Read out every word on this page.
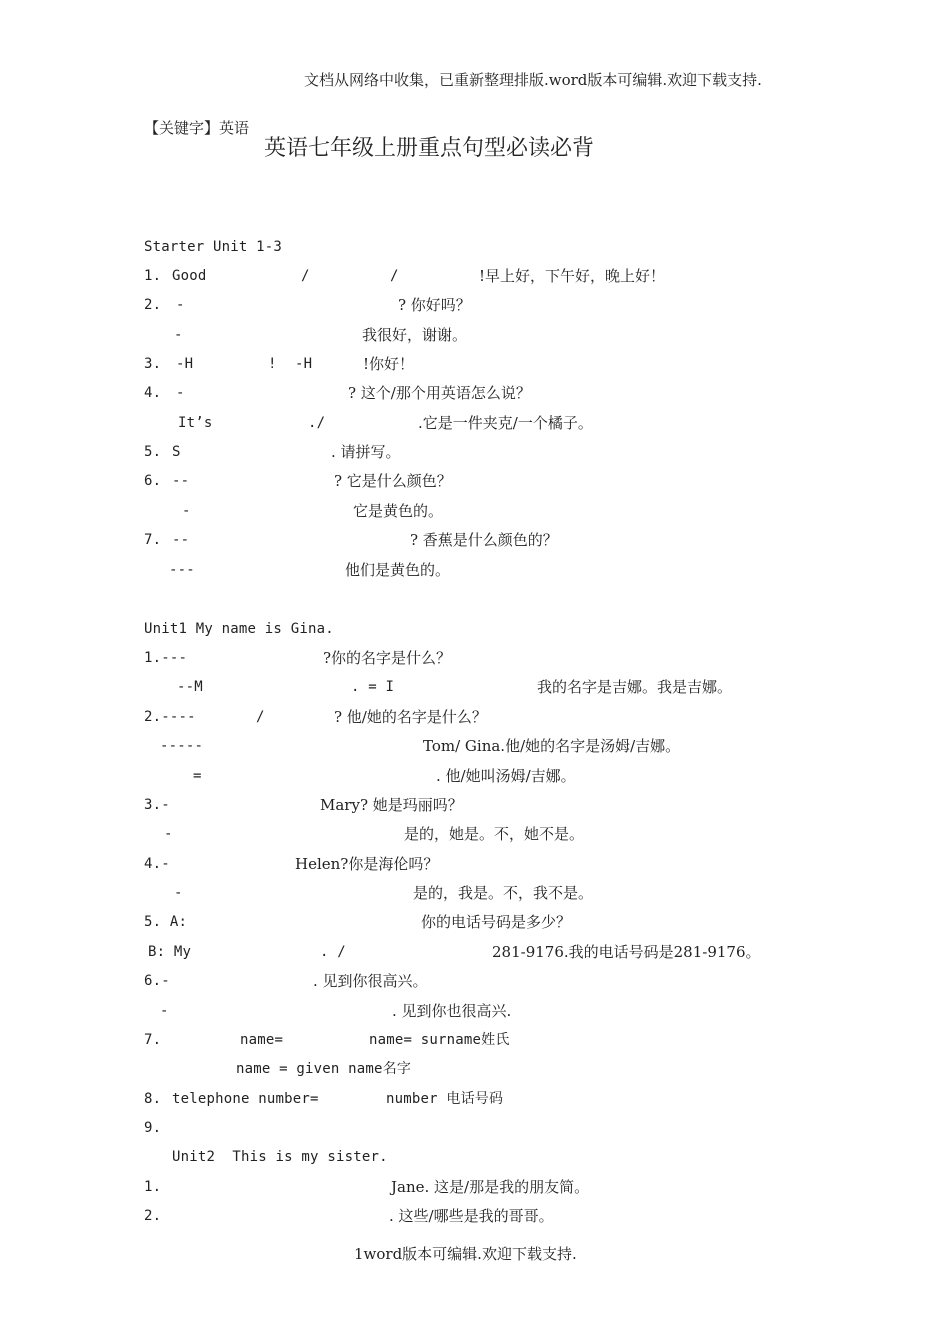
文档从网络中收集，已重新整理排版.word版本可编辑.欢迎下载支持.
【关键字】英语
英语七年级上册重点句型必读必背
Starter Unit 1-3
1. Good	/	/	!早上好，下午好，晚上好！
2. -	? 你好吗？
-	我很好，谢谢。
3. -H	! -H	!你好！
4. -	? 这个/那个用英语怎么说？
It’s	./	.它是一件夹克/一个橘子。
5. S	. 请拼写。
6. --	? 它是什么颜色？
-	它是黄色的。
7. --	? 香蕉是什么颜色的？
---	他们是黄色的。
Unit1 My name is Gina.
1.---	?你的名字是什么？
--M	. = I	我的名字是吉娜。我是吉娜。
2.----	/	? 他/她的名字是什么？
-----	Tom/ Gina.他/她的名字是汤姆/吉娜。
=	. 他/她叫汤姆/吉娜。
3.-	Mary? 她是玛丽吗？
-	是的，她是。不，她不是。
4.-	Helen?你是海伦吗？
-	是的，我是。不，我不是。
5. A:	你的电话号码是多少？
B: My	. /	281-9176.我的电话号码是281-9176。
6.-	. 见到你很高兴。
-	. 见到你也很高兴.
7.	name=	name= surname姓氏
name = given name名字
8. telephone number=	number 电话号码
9.
Unit2  This is my sister.
1.	Jane. 这是/那是我的朋友简。
2.	. 这些/哪些是我的哥哥。
1word版本可编辑.欢迎下载支持.
